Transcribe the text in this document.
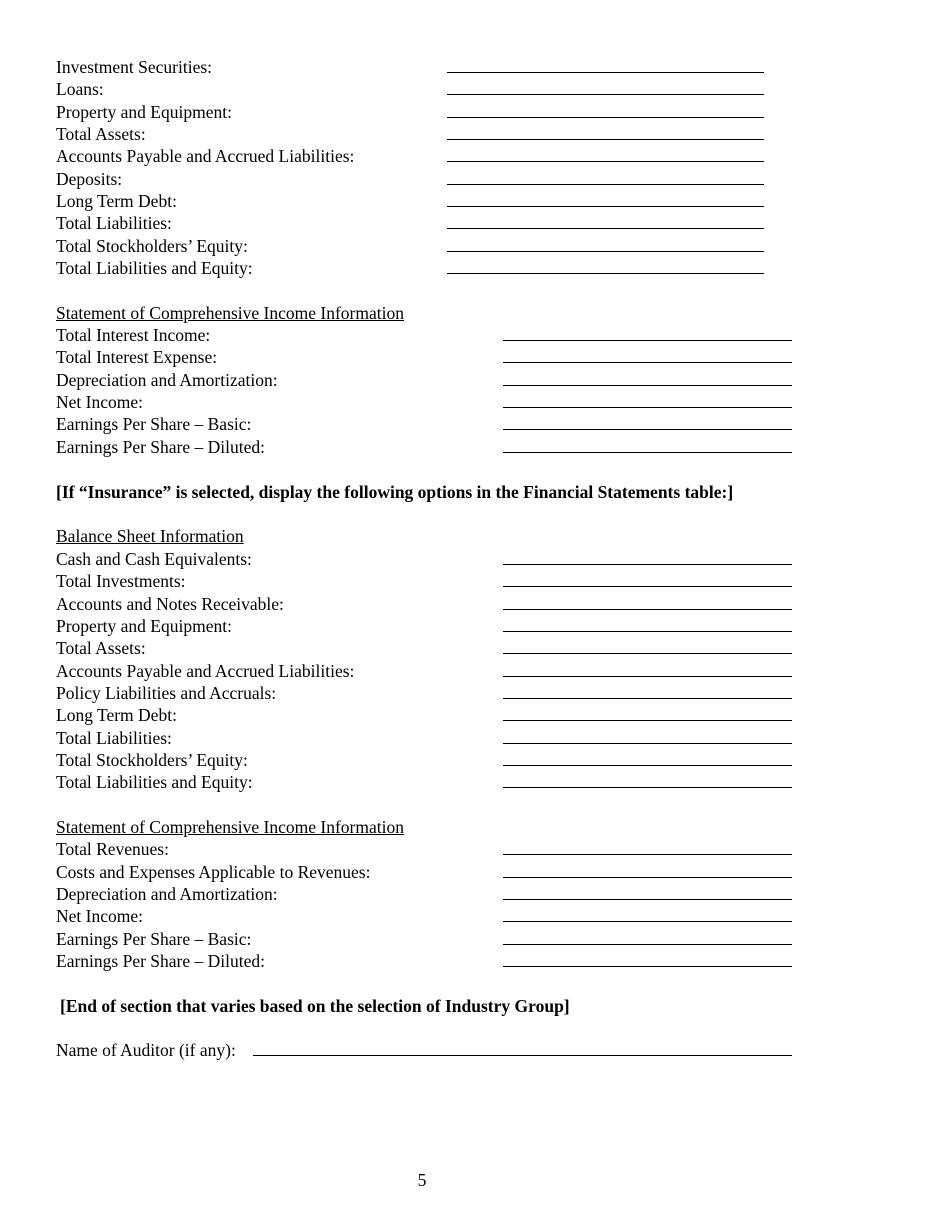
Investment Securities:
Loans:
Property and Equipment:
Total Assets:
Accounts Payable and Accrued Liabilities:
Deposits:
Long Term Debt:
Total Liabilities:
Total Stockholders’ Equity:
Total Liabilities and Equity:
Statement of Comprehensive Income Information
Total Interest Income:
Total Interest Expense:
Depreciation and Amortization:
Net Income:
Earnings Per Share – Basic:
Earnings Per Share – Diluted:
[If “Insurance” is selected, display the following options in the Financial Statements table:]
Balance Sheet Information
Cash and Cash Equivalents:
Total Investments:
Accounts and Notes Receivable:
Property and Equipment:
Total Assets:
Accounts Payable and Accrued Liabilities:
Policy Liabilities and Accruals:
Long Term Debt:
Total Liabilities:
Total Stockholders’ Equity:
Total Liabilities and Equity:
Statement of Comprehensive Income Information
Total Revenues:
Costs and Expenses Applicable to Revenues:
Depreciation and Amortization:
Net Income:
Earnings Per Share – Basic:
Earnings Per Share – Diluted:
[End of section that varies based on the selection of Industry Group]
Name of Auditor (if any):
5
